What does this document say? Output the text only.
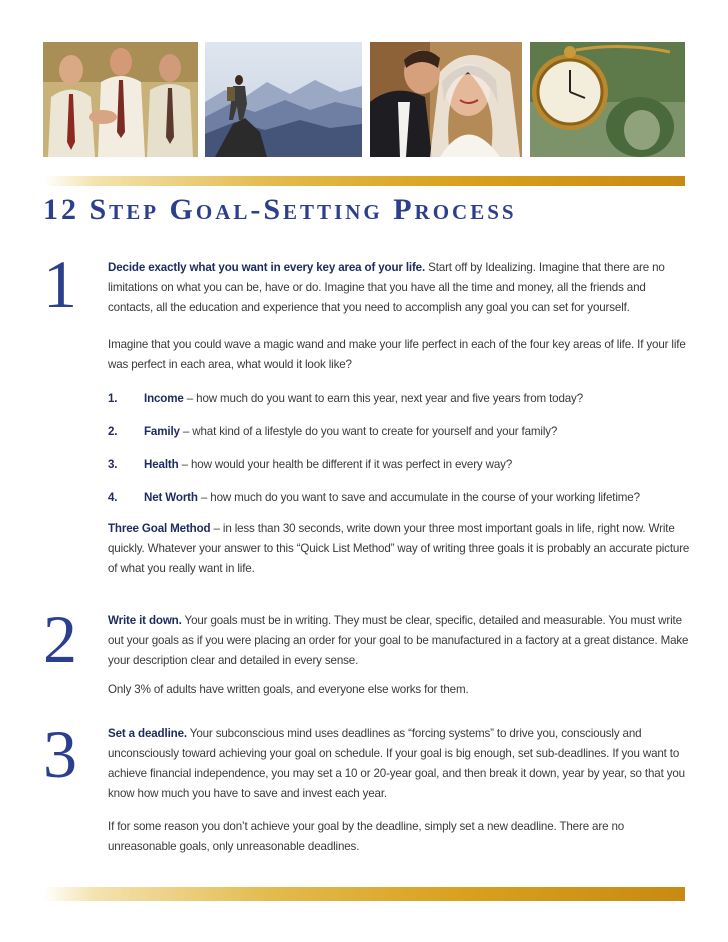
12 Step Goal-Setting Process
1	Decide exactly what you want in every key area of your life. Start off by Idealizing. Imagine that there are no limitations on what you can be, have or do. Imagine that you have all the time and money, all the friends and contacts, all the education and experience that you need to accomplish any goal you can set for yourself.

Imagine that you could wave a magic wand and make your life perfect in each of the four key areas of life. If your life was perfect in each area, what would it look like?

1. Income – how much do you want to earn this year, next year and five years from today?
2. Family – what kind of a lifestyle do you want to create for yourself and your family?
3. Health – how would your health be different if it was perfect in every way?
4. Net Worth – how much do you want to save and accumulate in the course of your working lifetime?

Three Goal Method – in less than 30 seconds, write down your three most important goals in life, right now. Write quickly. Whatever your answer to this “Quick List Method” way of writing three goals it is probably an accurate picture of what you really want in life.

2	Write it down. Your goals must be in writing. They must be clear, specific, detailed and measurable. You must write out your goals as if you were placing an order for your goal to be manufactured in a factory at a great distance. Make your description clear and detailed in every sense.

Only 3% of adults have written goals, and everyone else works for them.

3	Set a deadline. Your subconscious mind uses deadlines as “forcing systems” to drive you, consciously and unconsciously toward achieving your goal on schedule. If your goal is big enough, set sub-deadlines. If you want to achieve financial independence, you may set a 10 or 20-year goal, and then break it down, year by year, so that you know how much you have to save and invest each year.

If for some reason you don’t achieve your goal by the deadline, simply set a new deadline. There are no unreasonable goals, only unreasonable deadlines.
